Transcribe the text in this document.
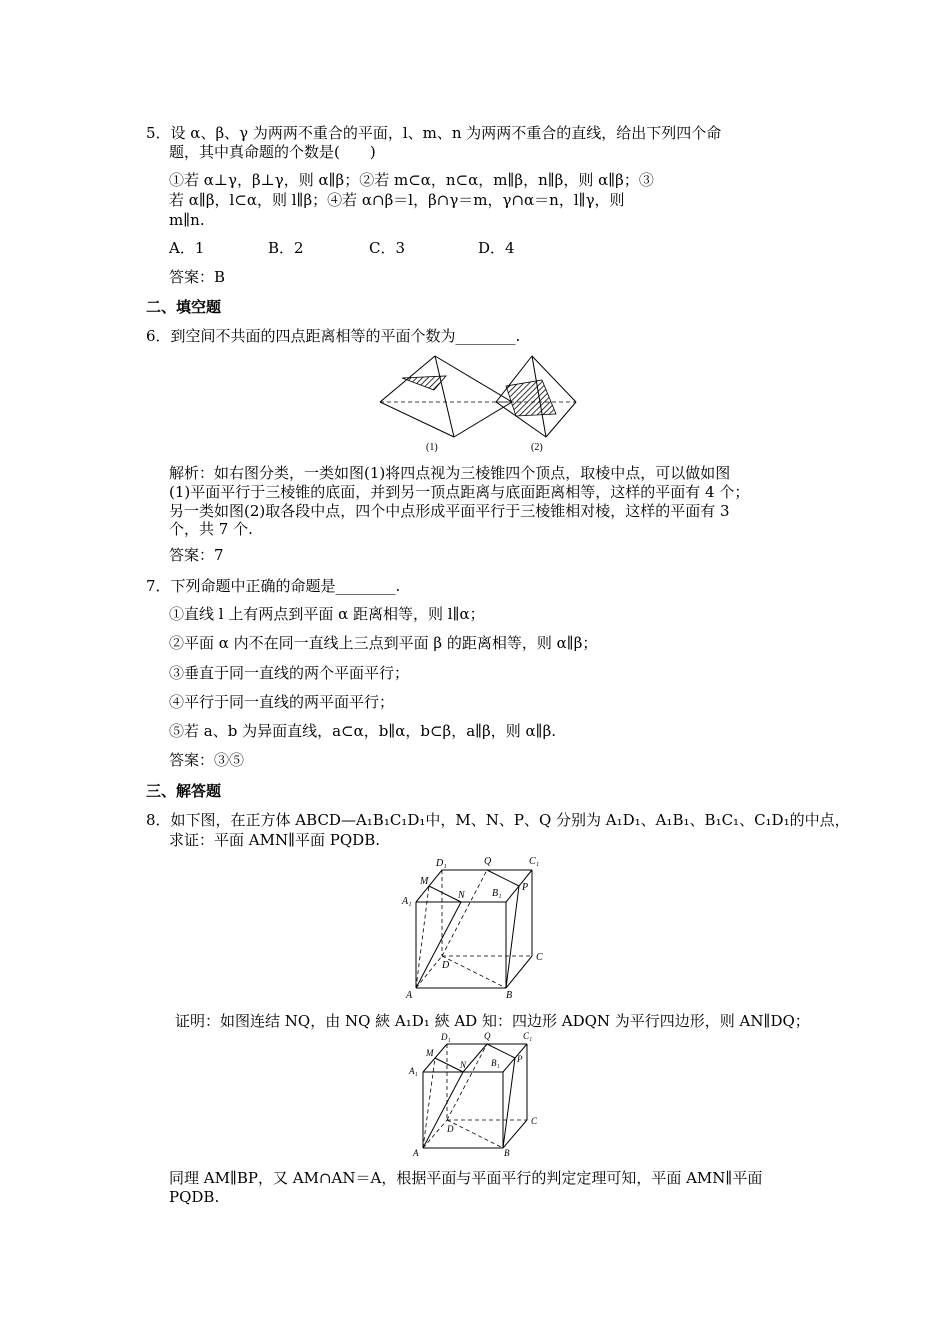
5．设 α、β、γ 为两两不重合的平面，l、m、n 为两两不重合的直线，给出下列四个命
题，其中真命题的个数是(　　)
①若 α⊥γ，β⊥γ，则 α∥β；②若 m⊂α，n⊂α，m∥β，n∥β，则 α∥β；③
若 α∥β，l⊂α，则 l∥β；④若 α∩β＝l，β∩γ＝m，γ∩α＝n，l∥γ，则
m∥n.
A．1	B．2	C．3	D．4
答案：B
二、填空题
6．到空间不共面的四点距离相等的平面个数为________.
(1)	(2)
解析：如右图分类，一类如图(1)将四点视为三棱锥四个顶点，取棱中点，可以做如图
(1)平面平行于三棱锥的底面，并到另一顶点距离与底面距离相等，这样的平面有 4 个；
另一类如图(2)取各段中点，四个中点形成平面平行于三棱锥相对棱，这样的平面有 3
个，共 7 个.
答案：7
7．下列命题中正确的命题是________.
①直线 l 上有两点到平面 α 距离相等，则 l∥α；
②平面 α 内不在同一直线上三点到平面 β 的距离相等，则 α∥β；
③垂直于同一直线的两个平面平行；
④平行于同一直线的两平面平行；
⑤若 a、b 为异面直线，a⊂α，b∥α，b⊂β，a∥β，则 α∥β.
答案：③⑤
三、解答题
8．如下图，在正方体 ABCD—A₁B₁C₁D₁中，M、N、P、Q 分别为 A₁D₁、A₁B₁、B₁C₁、C₁D₁的中点，
求证：平面 AMN∥平面 PQDB.
D₁	Q	C₁
M
N	B₁
P
A₁
D
C
A	B
证明：如图连结 NQ，由 NQ 綊 A₁D₁ 綊 AD 知：四边形 ADQN 为平行四边形，则 AN∥DQ；
D₁	Q	C₁
M
N	B₁ P
A₁
D
C
A	B
同理 AM∥BP，又 AM∩AN＝A，根据平面与平面平行的判定定理可知，平面 AMN∥平面
PQDB.
